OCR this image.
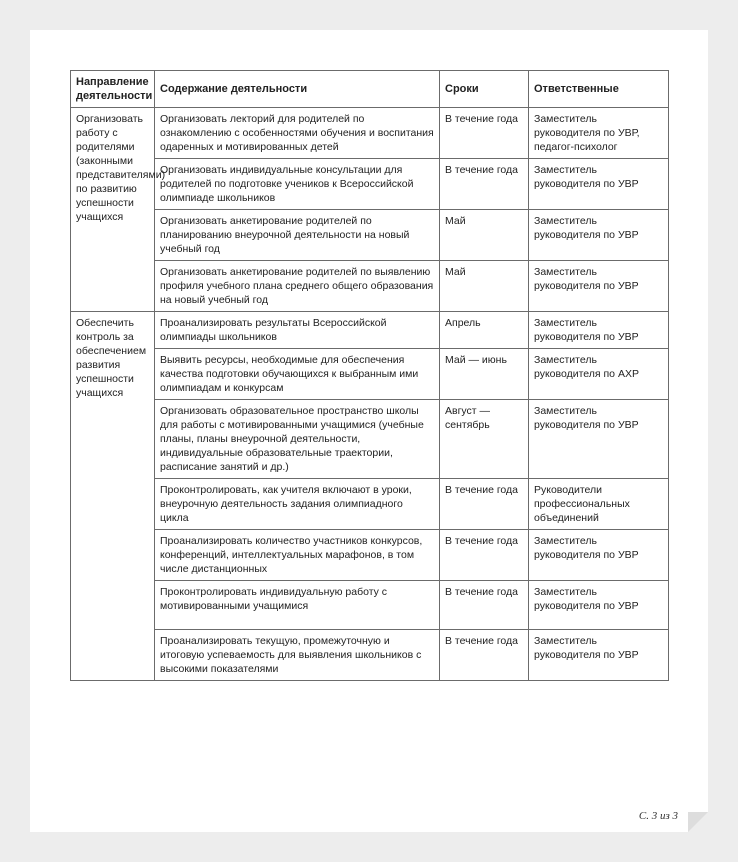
Направление деятельности	Содержание деятельности	Сроки	Ответственные
Организовать работу с родителями (законными представителями) по развитию успешности учащихся	Организовать лекторий для родителей по ознакомлению с особенностями обучения и воспитания одаренных и мотивированных детей	В течение года	Заместитель руководителя по УВР, педагог-психолог
	Организовать индивидуальные консультации для родителей по подготовке учеников к Всероссийской олимпиаде школьников	В течение года	Заместитель руководителя по УВР
	Организовать анкетирование родителей по планированию внеурочной деятельности на новый учебный год	Май	Заместитель руководителя по УВР
	Организовать анкетирование родителей по выявлению профиля учебного плана среднего общего образования на новый учебный год	Май	Заместитель руководителя по УВР
Обеспечить контроль за обеспечением развития успешности учащихся	Проанализировать результаты Всероссийской олимпиады школьников	Апрель	Заместитель руководителя по УВР
	Выявить ресурсы, необходимые для обеспечения качества подготовки обучающихся к выбранным ими олимпиадам и конкурсам	Май — июнь	Заместитель руководителя по АХР
	Организовать образовательное пространство школы для работы с мотивированными учащимися (учебные планы, планы внеурочной деятельности, индивидуальные образовательные траектории, расписание занятий и др.)	Август — сентябрь	Заместитель руководителя по УВР
	Проконтролировать, как учителя включают в уроки, внеурочную деятельность задания олимпиадного цикла	В течение года	Руководители профессиональных объединений
	Проанализировать количество участников конкурсов, конференций, интеллектуальных марафонов, в том числе дистанционных	В течение года	Заместитель руководителя по УВР
	Проконтролировать индивидуальную работу с мотивированными учащимися	В течение года	Заместитель руководителя по УВР
	Проанализировать текущую, промежуточную и итоговую успеваемость для выявления школьников с высокими показателями	В течение года	Заместитель руководителя по УВР
С. 3 из 3
